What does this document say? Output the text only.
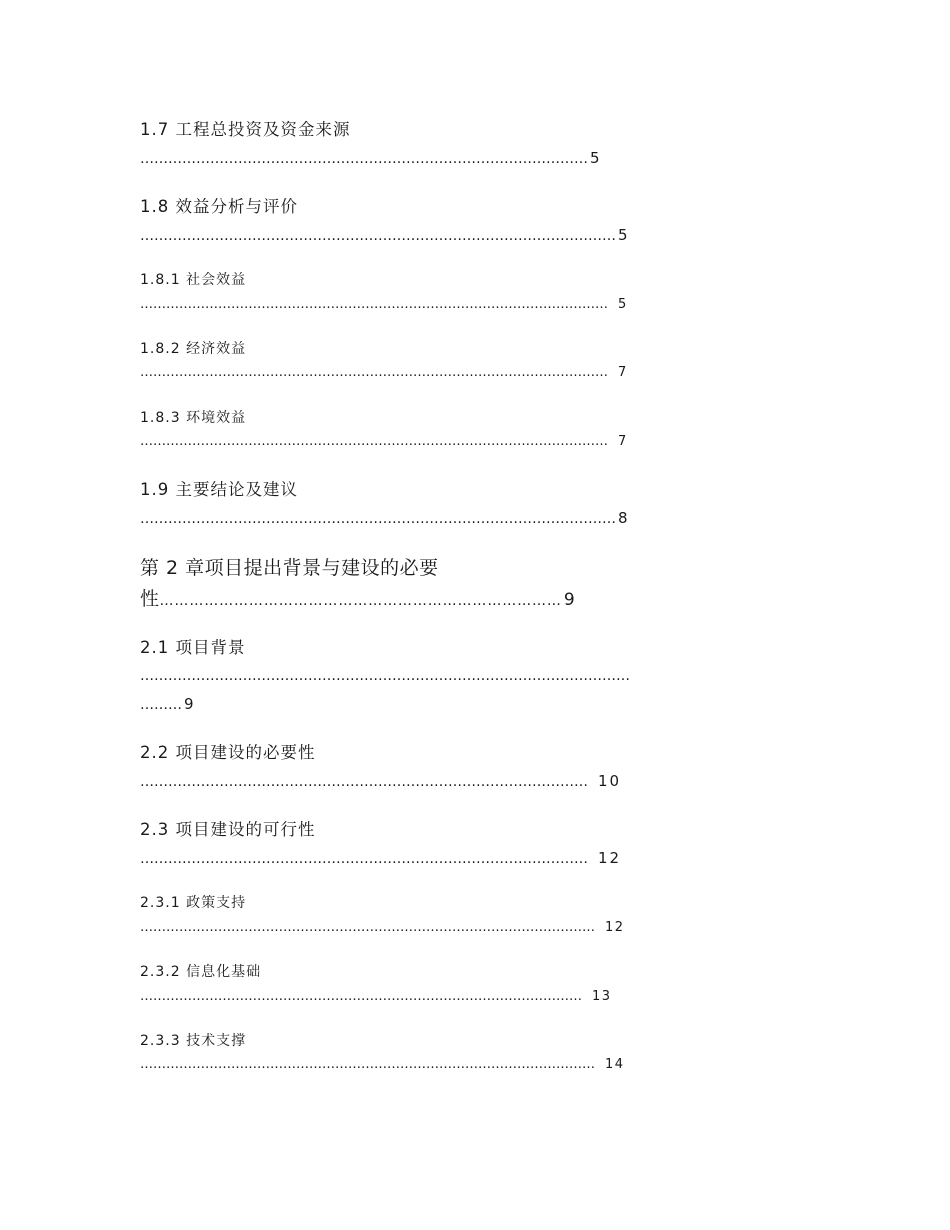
1.7 工程总投资及资金来源
…………………………………………………………………………………… 5
1.8 效益分析与评价
………………………………………………………………………………………… 5
1.8.1 社会效益
……………………………………………………………………………………………… 5
1.8.2 经济效益
……………………………………………………………………………………………… 7
1.8.3 环境效益
……………………………………………………………………………………………… 7
1.9 主要结论及建议
………………………………………………………………………………………… 8
第 2 章项目提出背景与建设的必要
性……………………………………………………………………… 9
2.1 项目背景
……………………………………………………………………………………………
……… 9
2.2 项目建设的必要性
…………………………………………………………………………………… 10
2.3 项目建设的可行性
…………………………………………………………………………………… 12
2.3.1 政策支持
…………………………………………………………………………………………… 12
2.3.2 信息化基础
………………………………………………………………………………………… 13
2.3.3 技术支撑
…………………………………………………………………………………………… 14
